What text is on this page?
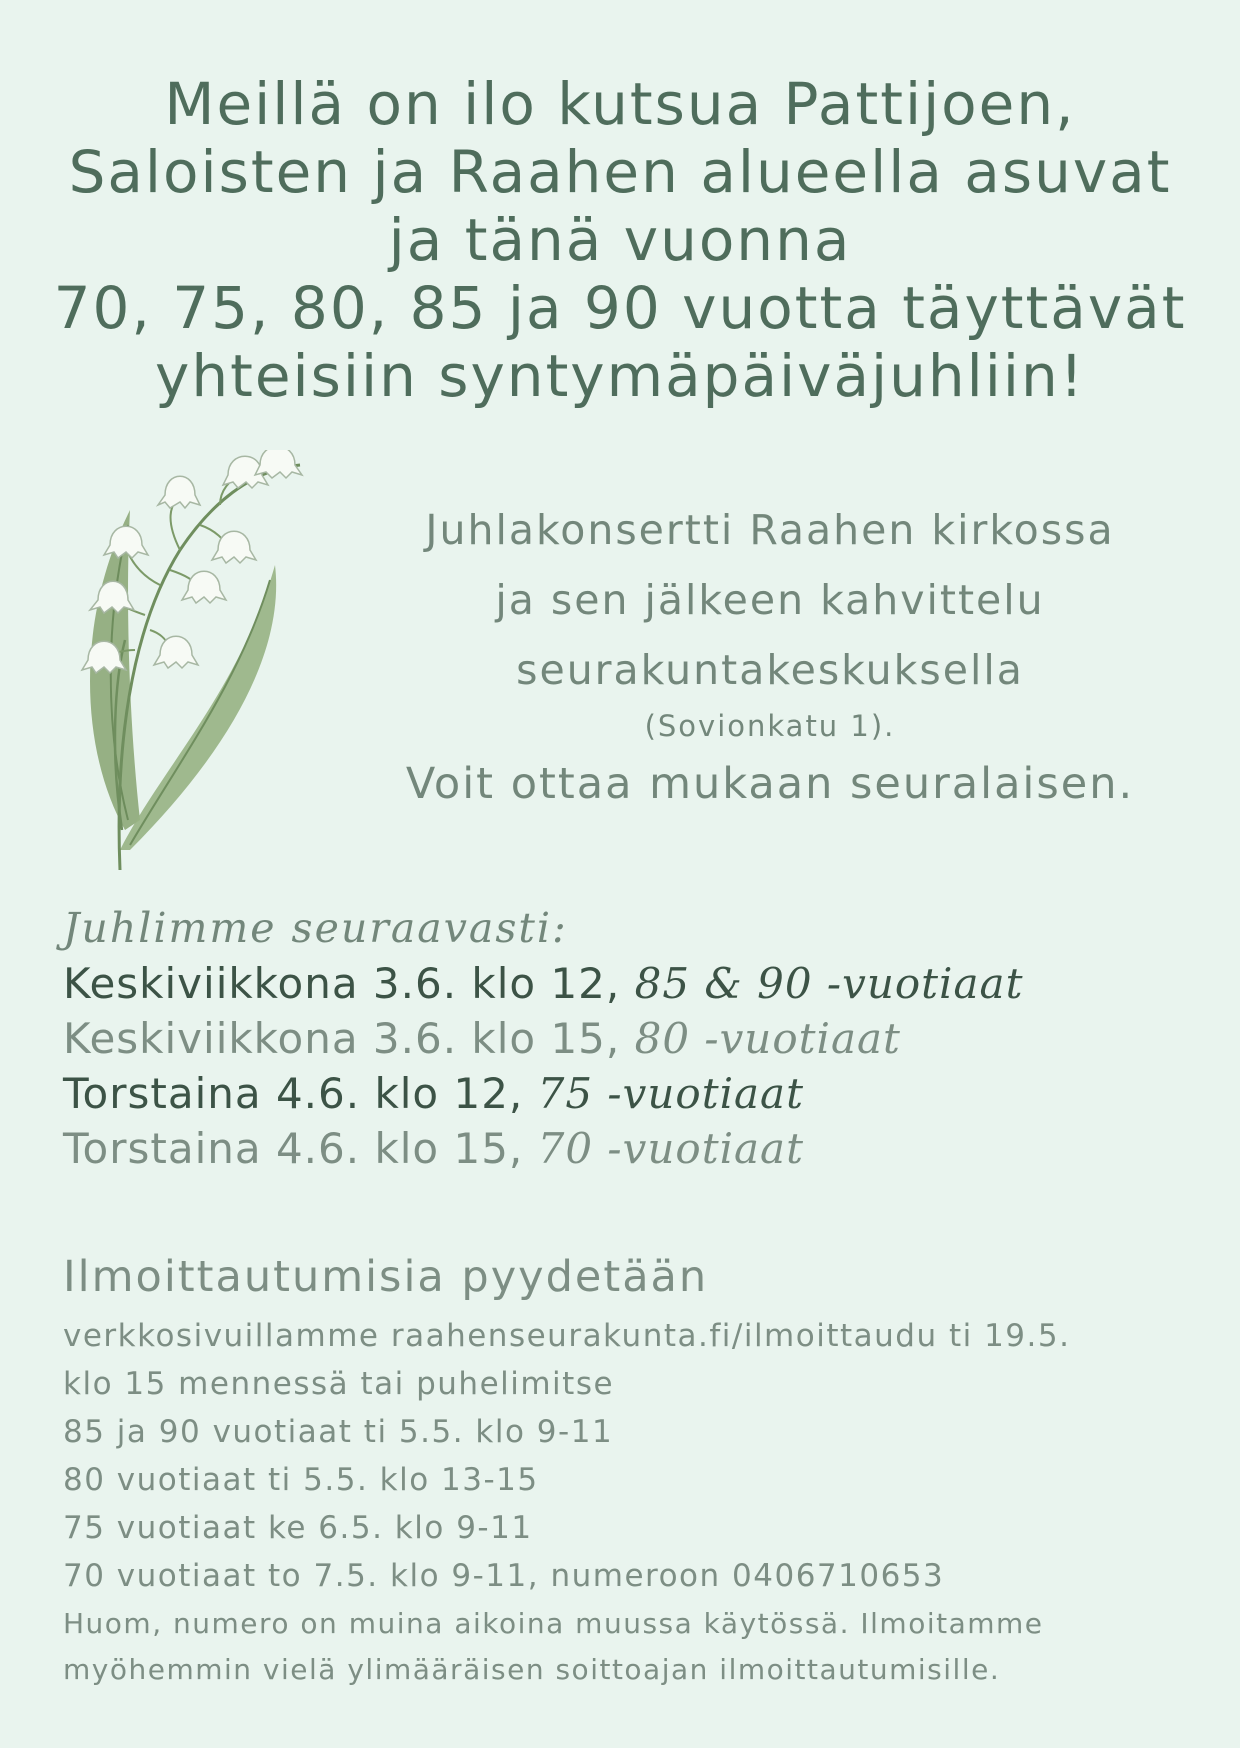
Meillä on ilo kutsua Pattijoen,
Saloisten ja Raahen alueella asuvat
ja tänä vuonna
70, 75, 80, 85 ja 90 vuotta täyttävät
yhteisiin syntymäpäiväjuhliin!
Juhlakonsertti Raahen kirkossa
ja sen jälkeen kahvittelu
seurakuntakeskuksella
(Sovionkatu 1).
Voit ottaa mukaan seuralaisen.
Juhlimme seuraavasti:
Keskiviikkona 3.6. klo 12, 85 & 90 -vuotiaat
Keskiviikkona 3.6. klo 15, 80 -vuotiaat
Torstaina 4.6. klo 12, 75 -vuotiaat
Torstaina 4.6. klo 15, 70 -vuotiaat
Ilmoittautumisia pyydetään
verkkosivuillamme raahenseurakunta.fi/ilmoittaudu ti 19.5.
klo 15 mennessä tai puhelimitse
85 ja 90 vuotiaat ti 5.5. klo 9-11
80 vuotiaat ti 5.5. klo 13-15
75 vuotiaat ke 6.5. klo 9-11
70 vuotiaat to 7.5. klo 9-11, numeroon 0406710653
Huom, numero on muina aikoina muussa käytössä. Ilmoitamme
myöhemmin vielä ylimääräisen soittoajan ilmoittautumisille.
